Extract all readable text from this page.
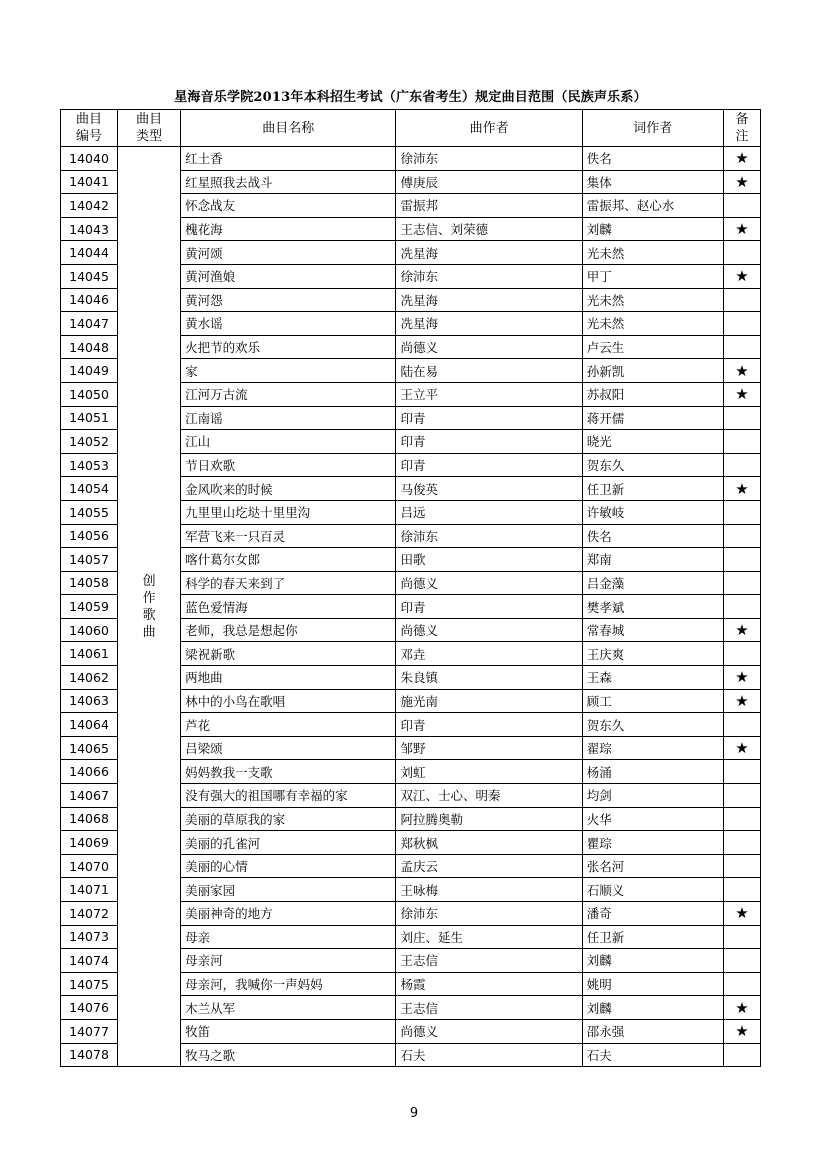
星海音乐学院2013年本科招生考试（广东省考生）规定曲目范围（民族声乐系）
曲目编号	曲目类型	曲目名称	曲作者	词作者	备注
14040	创作歌曲	红土香	徐沛东	佚名	★
14041		红星照我去战斗	傅庚辰	集体	★
14042		怀念战友	雷振邦	雷振邦、赵心水	
14043		槐花海	王志信、刘荣德	刘麟	★
14044		黄河颂	冼星海	光未然	
14045		黄河渔娘	徐沛东	甲丁	★
14046		黄河怨	冼星海	光未然	
14047		黄水谣	冼星海	光未然	
14048		火把节的欢乐	尚德义	卢云生	
14049		家	陆在易	孙新凯	★
14050		江河万古流	王立平	苏叔阳	★
14051		江南谣	印青	蒋开儒	
14052		江山	印青	晓光	
14053		节日欢歌	印青	贺东久	
14054		金风吹来的时候	马俊英	任卫新	★
14055		九里里山圪垯十里里沟	吕远	许敏岐	
14056		军营飞来一只百灵	徐沛东	佚名	
14057		喀什葛尔女郎	田歌	郑南	
14058		科学的春天来到了	尚德义	吕金藻	
14059		蓝色爱情海	印青	樊孝斌	
14060		老师，我总是想起你	尚德义	常春城	★
14061		梁祝新歌	邓垚	王庆爽	
14062		两地曲	朱良镇	王森	★
14063		林中的小鸟在歌唱	施光南	顾工	★
14064		芦花	印青	贺东久	
14065		吕梁颂	邹野	翟琮	★
14066		妈妈教我一支歌	刘虹	杨涌	
14067		没有强大的祖国哪有幸福的家	双江、士心、明秦	均剑	
14068		美丽的草原我的家	阿拉腾奥勒	火华	
14069		美丽的孔雀河	郑秋枫	瞿琮	
14070		美丽的心情	孟庆云	张名河	
14071		美丽家园	王咏梅	石顺义	
14072		美丽神奇的地方	徐沛东	潘奇	★
14073		母亲	刘庄、延生	任卫新	
14074		母亲河	王志信	刘麟	
14075		母亲河，我喊你一声妈妈	杨霞	姚明	
14076		木兰从军	王志信	刘麟	★
14077		牧笛	尚德义	邵永强	★
14078		牧马之歌	石夫	石夫	
9
